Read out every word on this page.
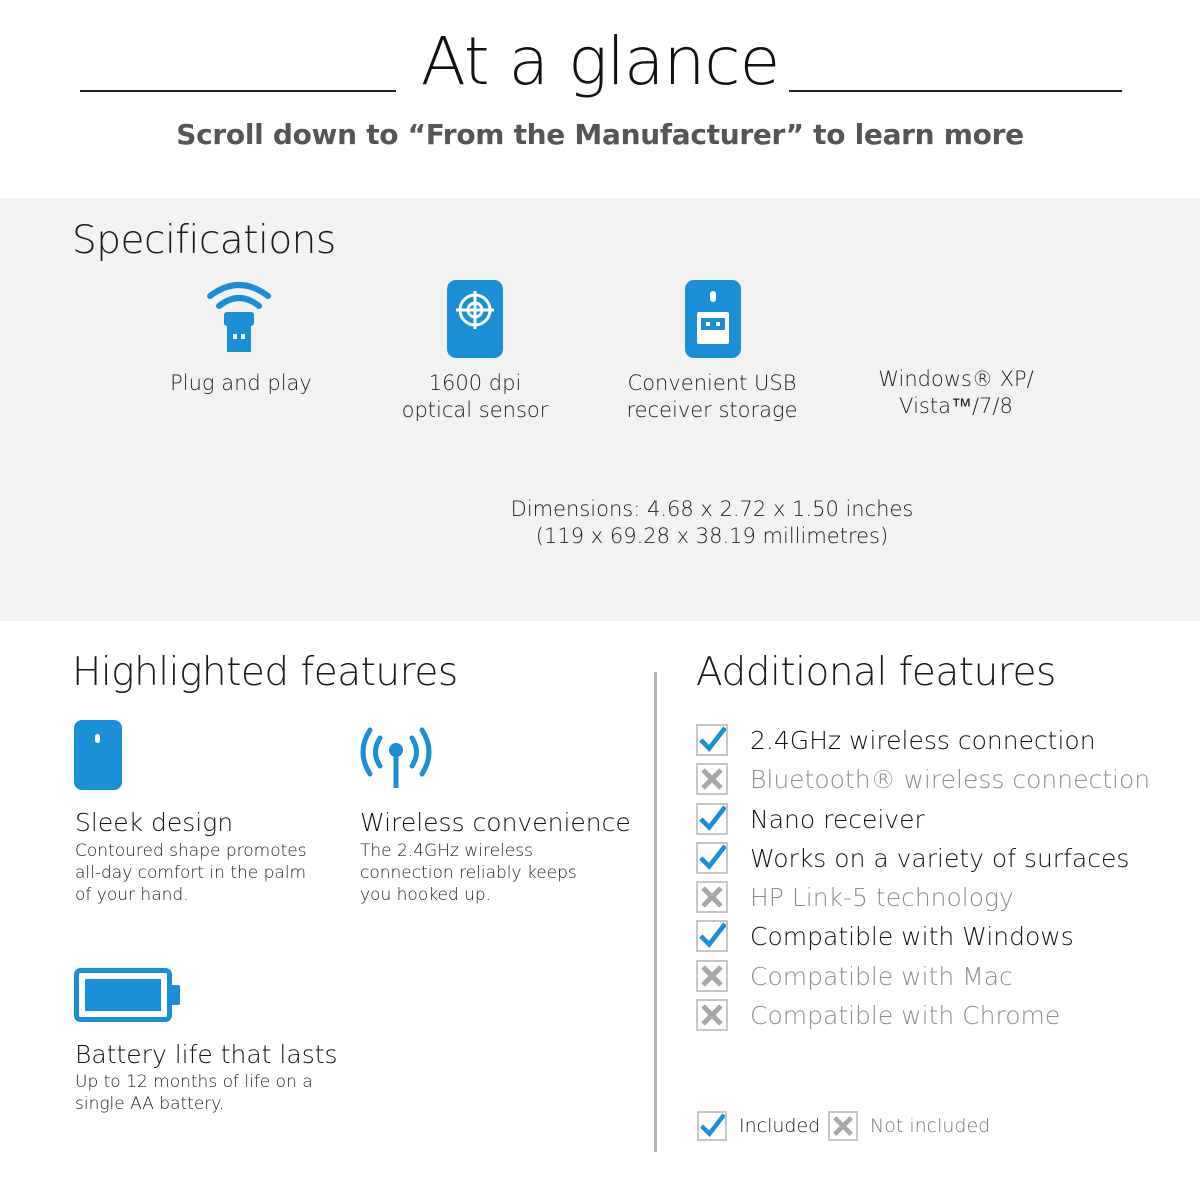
At a glance
Scroll down to “From the Manufacturer” to learn more
Specifications
Plug and play	1600 dpi
optical sensor
Convenient USB
receiver storage
Windows® XP/
Vista™/7/8
Dimensions: 4.68 x 2.72 x 1.50 inches
(119 x 69.28 x 38.19 millimetres)
Highlighted features
Sleek design
Contoured shape promotes
all-day comfort in the palm
of your hand.
Wireless convenience
The 2.4GHz wireless
connection reliably keeps
you hooked up.
Battery life that lasts
Up to 12 months of life on a
single AA battery.
Additional features
2.4GHz wireless connection
Bluetooth® wireless connection
Nano receiver
Works on a variety of surfaces
HP Link-5 technology
Compatible with Windows
Compatible with Mac
Compatible with Chrome
Included	Not included
